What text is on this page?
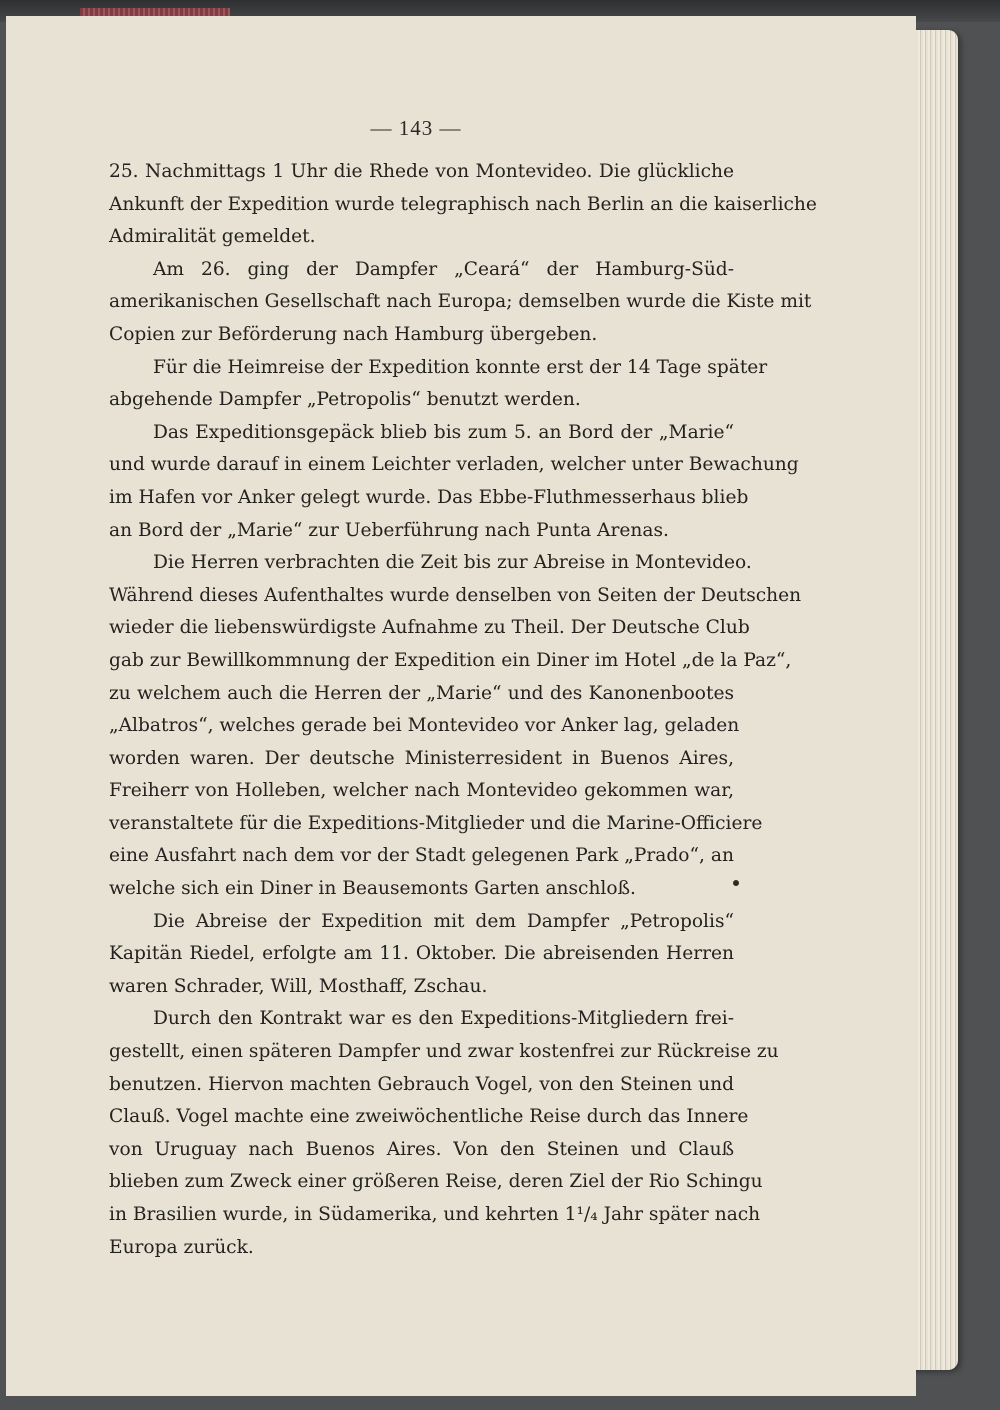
— 143 —
25. Nachmittags 1 Uhr die Rhede von Montevideo. Die glückliche
Ankunft der Expedition wurde telegraphisch nach Berlin an die kaiserliche
Admiralität gemeldet.
Am 26. ging der Dampfer „Ceará“ der Hamburg-Süd-
amerikanischen Gesellschaft nach Europa; demselben wurde die Kiste mit
Copien zur Beförderung nach Hamburg übergeben.
Für die Heimreise der Expedition konnte erst der 14 Tage später
abgehende Dampfer „Petropolis“ benutzt werden.
Das Expeditionsgepäck blieb bis zum 5. an Bord der „Marie“
und wurde darauf in einem Leichter verladen, welcher unter Bewachung
im Hafen vor Anker gelegt wurde. Das Ebbe-Fluthmesserhaus blieb
an Bord der „Marie“ zur Ueberführung nach Punta Arenas.
Die Herren verbrachten die Zeit bis zur Abreise in Montevideo.
Während dieses Aufenthaltes wurde denselben von Seiten der Deutschen
wieder die liebenswürdigste Aufnahme zu Theil. Der Deutsche Club
gab zur Bewillkommnung der Expedition ein Diner im Hotel „de la Paz“,
zu welchem auch die Herren der „Marie“ und des Kanonenbootes
„Albatros“, welches gerade bei Montevideo vor Anker lag, geladen
worden waren. Der deutsche Ministerresident in Buenos Aires,
Freiherr von Holleben, welcher nach Montevideo gekommen war,
veranstaltete für die Expeditions-Mitglieder und die Marine-Officiere
eine Ausfahrt nach dem vor der Stadt gelegenen Park „Prado“, an
welche sich ein Diner in Beausemonts Garten anschloß.
Die Abreise der Expedition mit dem Dampfer „Petropolis“
Kapitän Riedel, erfolgte am 11. Oktober. Die abreisenden Herren
waren Schrader, Will, Mosthaff, Zschau.
Durch den Kontrakt war es den Expeditions-Mitgliedern frei-
gestellt, einen späteren Dampfer und zwar kostenfrei zur Rückreise zu
benutzen. Hiervon machten Gebrauch Vogel, von den Steinen und
Clauß. Vogel machte eine zweiwöchentliche Reise durch das Innere
von Uruguay nach Buenos Aires. Von den Steinen und Clauß
blieben zum Zweck einer größeren Reise, deren Ziel der Rio Schingu
in Brasilien wurde, in Südamerika, und kehrten 1¹/₄ Jahr später nach
Europa zurück.
